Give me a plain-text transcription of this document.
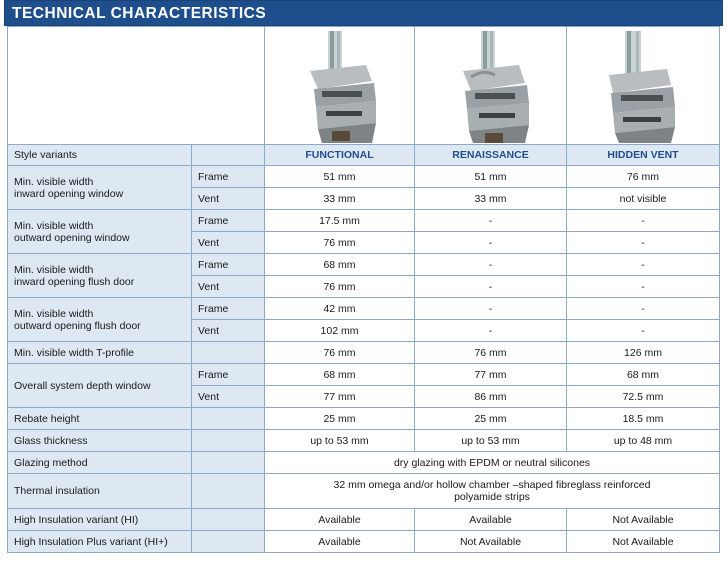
TECHNICAL CHARACTERISTICS

Style variants		FUNCTIONAL	RENAISSANCE	HIDDEN VENT
Min. visible width
inward opening window	Frame	51 mm	51 mm	76 mm
	Vent	33 mm	33 mm	not visible
Min. visible width
outward opening window	Frame	17.5 mm	-	-
	Vent	76 mm	-	-
Min. visible width
inward opening flush door	Frame	68 mm	-	-
	Vent	76 mm	-	-
Min. visible width
outward opening flush door	Frame	42 mm	-	-
	Vent	102 mm	-	-
Min. visible width T-profile		76 mm	76 mm	126 mm
Overall system depth window	Frame	68 mm	77 mm	68 mm
	Vent	77 mm	86 mm	72.5 mm
Rebate height		25 mm	25 mm	18.5 mm
Glass thickness		up to 53 mm	up to 53 mm	up to 48 mm
Glazing method		dry glazing with EPDM or neutral silicones		
Thermal insulation		32 mm omega and/or hollow chamber –shaped fibreglass reinforced
polyamide strips		
High Insulation variant (HI)		Available	Available	Not Available
High Insulation Plus variant (HI+)		Available	Not Available	Not Available
